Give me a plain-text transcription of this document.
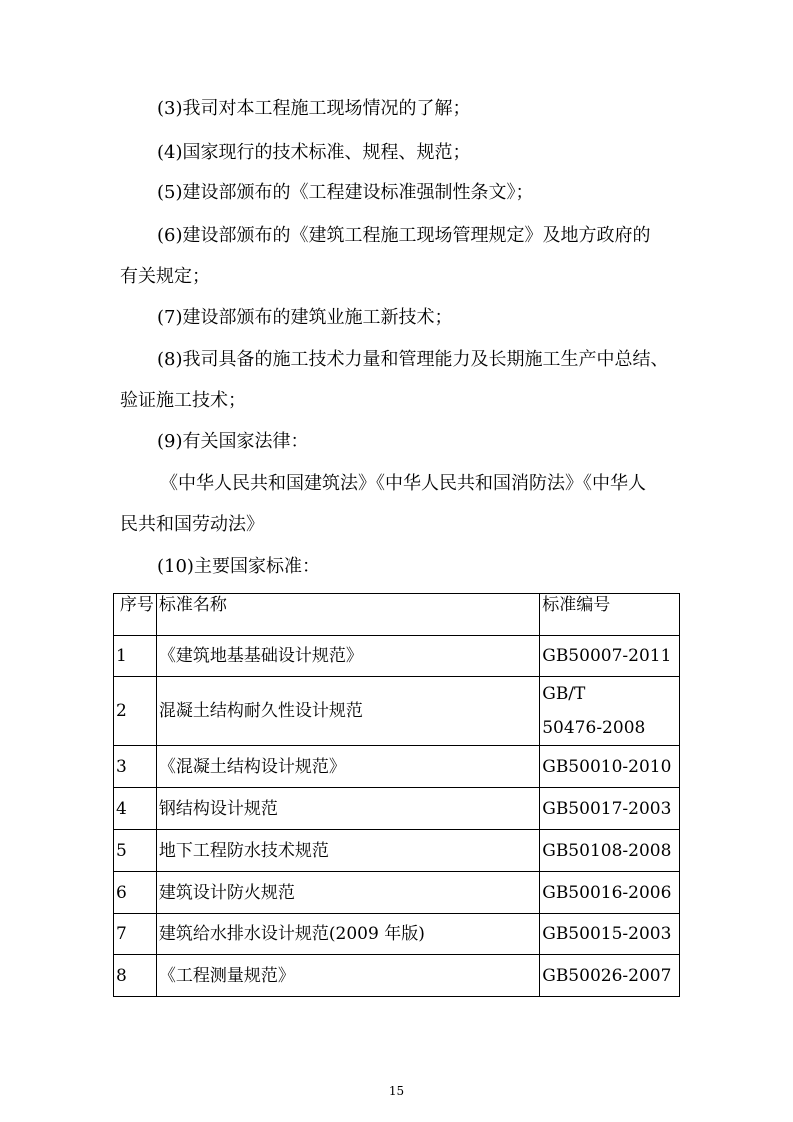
(3)我司对本工程施工现场情况的了解；
(4)国家现行的技术标准、规程、规范；
(5)建设部颁布的《工程建设标准强制性条文》；
(6)建设部颁布的《建筑工程施工现场管理规定》及地方政府的
有关规定；
(7)建设部颁布的建筑业施工新技术；
(8)我司具备的施工技术力量和管理能力及长期施工生产中总结、
验证施工技术；
(9)有关国家法律：
《中华人民共和国建筑法》《中华人民共和国消防法》《中华人
民共和国劳动法》
(10)主要国家标准：
序号	标准名称	标准编号
1	《建筑地基基础设计规范》	GB50007-2011
2	混凝土结构耐久性设计规范	GB/T
50476-2008

3	《混凝土结构设计规范》	GB50010-2010
4	钢结构设计规范	GB50017-2003
5	地下工程防水技术规范	GB50108-2008
6	建筑设计防火规范	GB50016-2006
7	建筑给水排水设计规范(2009 年版)	GB50015-2003
8	《工程测量规范》	GB50026-2007
15
